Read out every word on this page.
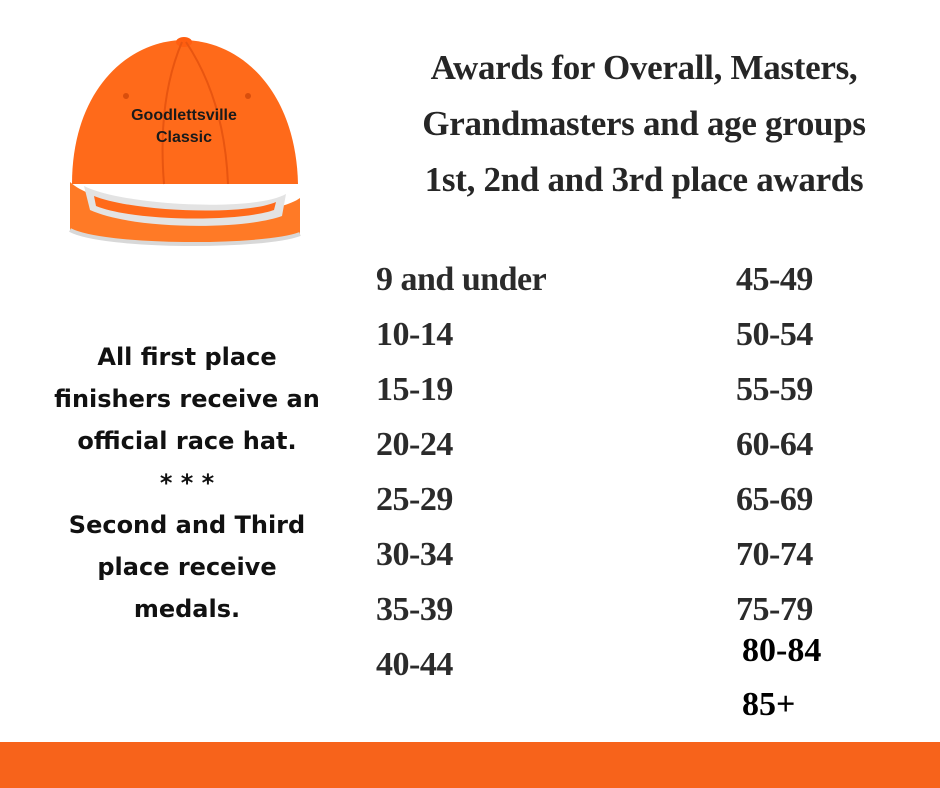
Goodlettsville
Classic
All first place
finishers receive an
official race hat.
* * *
Second and Third
place receive
medals.
Awards for Overall, Masters,
Grandmasters and age groups
1st, 2nd and 3rd place awards
9 and under
10-14
15-19
20-24
25-29
30-34
35-39
40-44
45-49
50-54
55-59
60-64
65-69
70-74
75-79
80-84
85+
